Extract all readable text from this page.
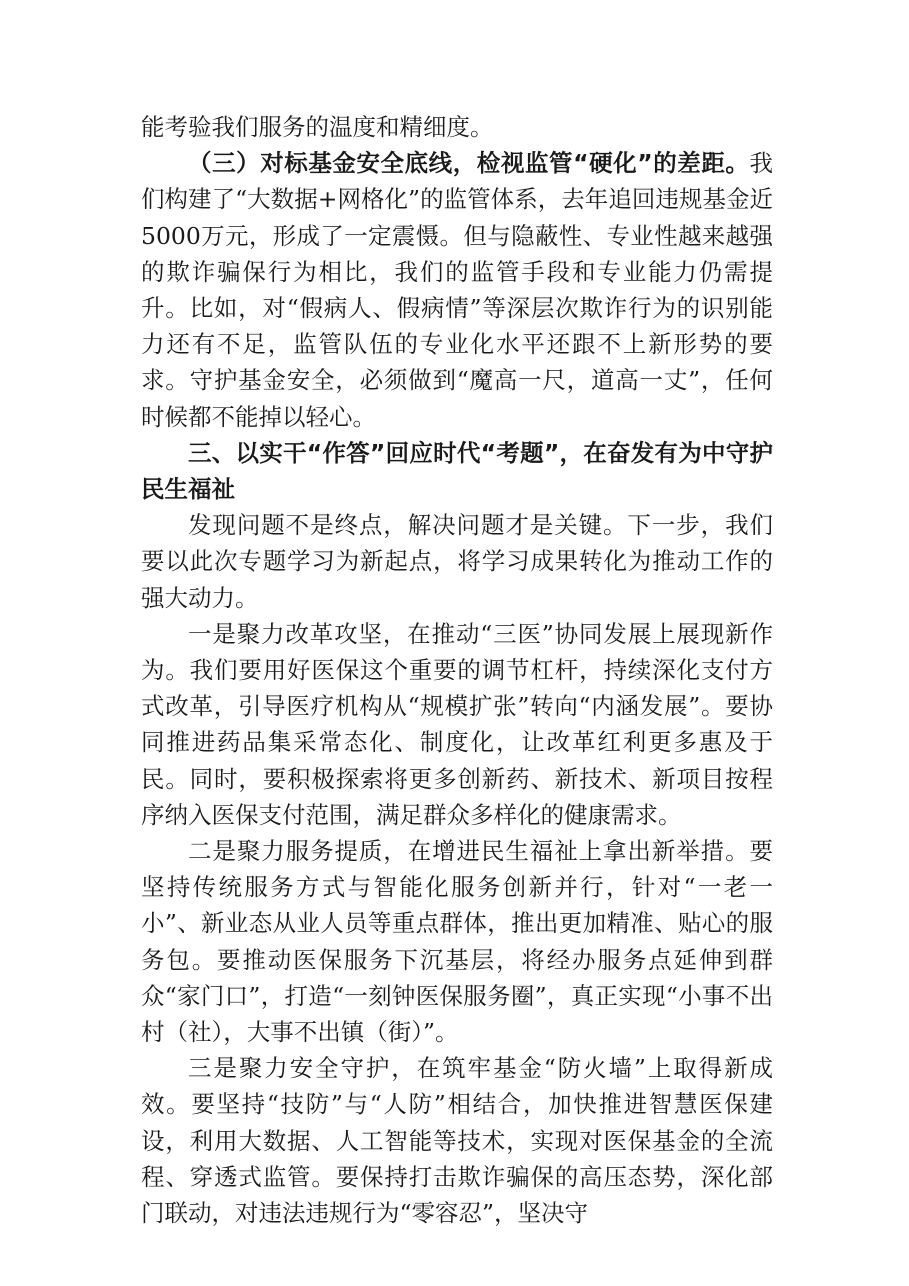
能考验我们服务的温度和精细度。

（三）对标基金安全底线，检视监管“硬化”的差距。我们构建了“大数据+网格化”的监管体系，去年追回违规基金近5000万元，形成了一定震慑。但与隐蔽性、专业性越来越强的欺诈骗保行为相比，我们的监管手段和专业能力仍需提升。比如，对“假病人、假病情”等深层次欺诈行为的识别能力还有不足，监管队伍的专业化水平还跟不上新形势的要求。守护基金安全，必须做到“魔高一尺，道高一丈”，任何时候都不能掉以轻心。

三、以实干“作答”回应时代“考题”，在奋发有为中守护民生福祉

发现问题不是终点，解决问题才是关键。下一步，我们要以此次专题学习为新起点，将学习成果转化为推动工作的强大动力。

一是聚力改革攻坚，在推动“三医”协同发展上展现新作为。我们要用好医保这个重要的调节杠杆，持续深化支付方式改革，引导医疗机构从“规模扩张”转向“内涵发展”。要协同推进药品集采常态化、制度化，让改革红利更多惠及于民。同时，要积极探索将更多创新药、新技术、新项目按程序纳入医保支付范围，满足群众多样化的健康需求。

二是聚力服务提质，在增进民生福祉上拿出新举措。要坚持传统服务方式与智能化服务创新并行，针对“一老一小”、新业态从业人员等重点群体，推出更加精准、贴心的服务包。要推动医保服务下沉基层，将经办服务点延伸到群众“家门口”，打造“一刻钟医保服务圈”，真正实现“小事不出村（社），大事不出镇（街）”。

三是聚力安全守护，在筑牢基金“防火墙”上取得新成效。要坚持“技防”与“人防”相结合，加快推进智慧医保建设，利用大数据、人工智能等技术，实现对医保基金的全流程、穿透式监管。要保持打击欺诈骗保的高压态势，深化部门联动，对违法违规行为“零容忍”，坚决守
